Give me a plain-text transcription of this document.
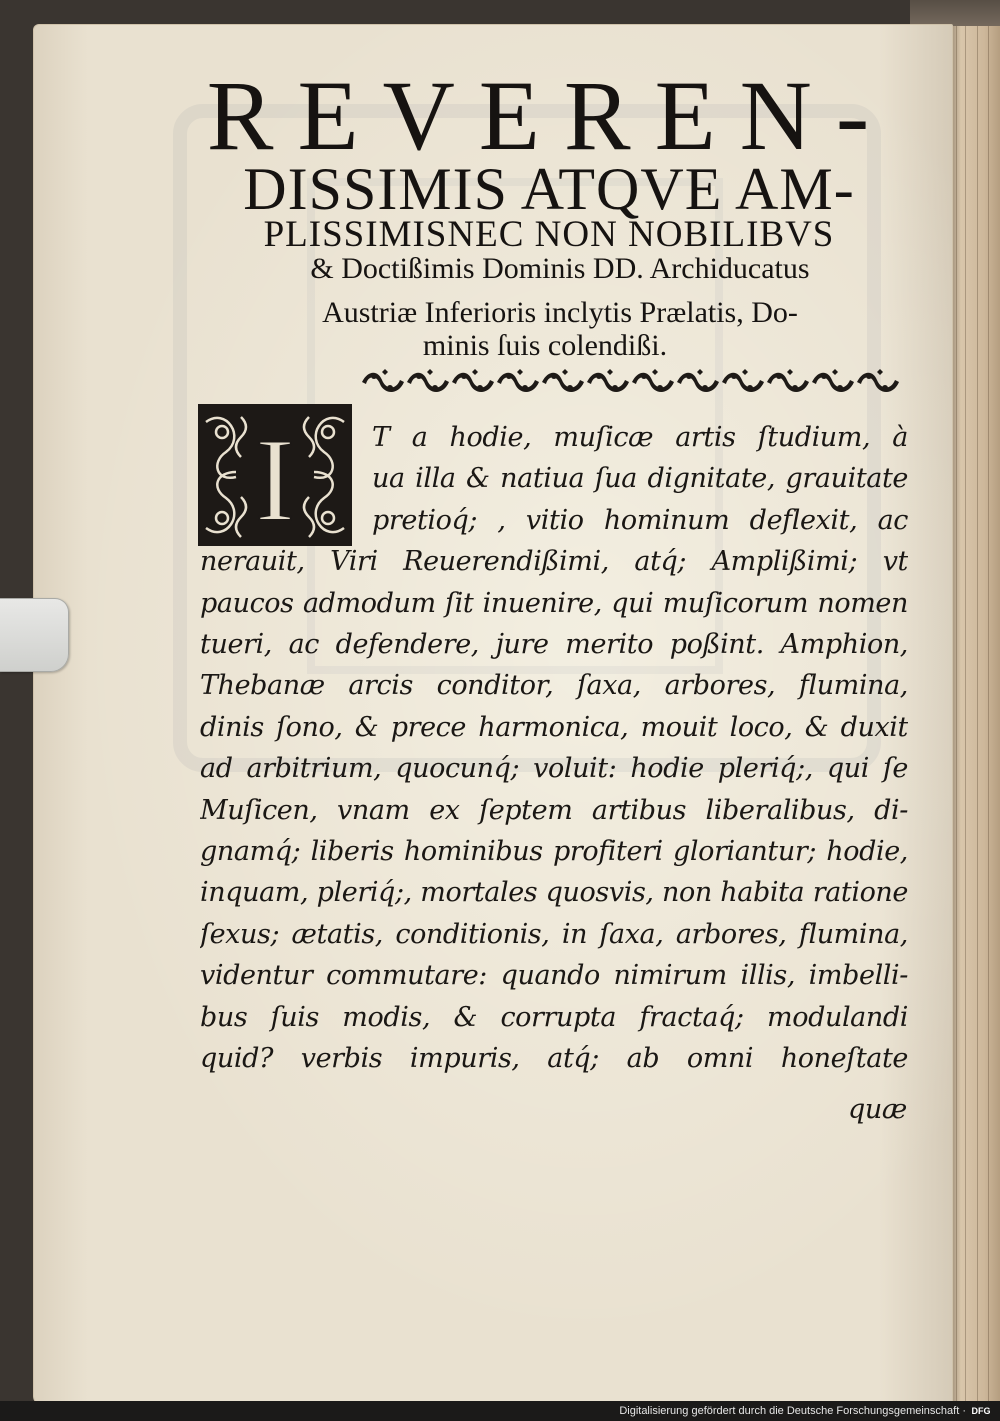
REVEREN-
DISSIMIS ATQVE AM-
PLISSIMISNEC NON NOBILIBVS

& Doctißimis Dominis DD. Archiducatus

Austriæ Inferioris inclytis Prælatis, Do-

minis ſuis colendißi.

I	T a hodie, muſicæ artis ſtudium, à

ua illa & natiua ſua dignitate, grauitate

pretioq́; , vitio hominum deflexit, ac

nerauit, Viri Reuerendißimi, atq́; Amplißimi; vt

paucos admodum ſit inuenire, qui muſicorum nomen

tueri, ac defendere, jure merito poßint. Amphion,

Thebanæ arcis conditor, ſaxa, arbores, flumina,

dinis ſono, & prece harmonica, mouit loco, & duxit

ad arbitrium, quocunq́; voluit: hodie pleriq́;, qui ſe

Muſicen, vnam ex ſeptem artibus liberalibus, di-

gnamq́; liberis hominibus profiteri gloriantur; hodie,

inquam, pleriq́;, mortales quosvis, non habita ratione

ſexus; ætatis, conditionis, in ſaxa, arbores, flumina,

videntur commutare: quando nimirum illis, imbelli-

bus ſuis modis, & corrupta fractaq́; modulandi

quid? verbis impuris, atq́; ab omni honeſtate

quæ

Digitalisierung gefördert durch die Deutsche Forschungsgemeinschaft · DFG
